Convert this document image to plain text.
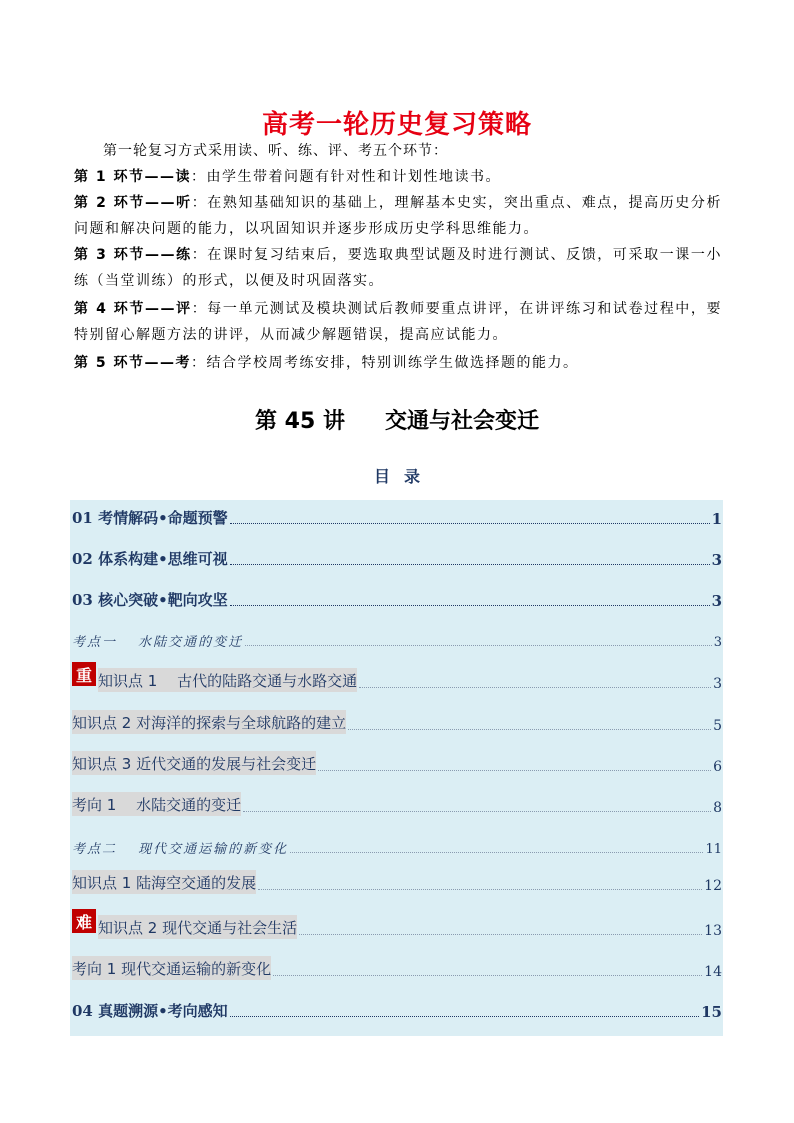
高考一轮历史复习策略
第一轮复习方式采用读、听、练、评、考五个环节：
第 1 环节——读：由学生带着问题有针对性和计划性地读书。
第 2 环节——听：在熟知基础知识的基础上，理解基本史实，突出重点、难点，提高历史分析问题和解决问题的能力，以巩固知识并逐步形成历史学科思维能力。
第 3 环节——练：在课时复习结束后，要选取典型试题及时进行测试、反馈，可采取一课一小练（当堂训练）的形式，以便及时巩固落实。
第 4 环节——评：每一单元测试及模块测试后教师要重点讲评，在讲评练习和试卷过程中，要特别留心解题方法的讲评，从而减少解题错误，提高应试能力。
第 5 环节——考：结合学校周考练安排，特别训练学生做选择题的能力。
第 45 讲 交通与社会变迁
目录
01 考情解码•命题预警	1
02 体系构建•思维可视	3
03 核心突破•靶向攻坚	3
考点一　 水陆交通的变迁	3
重 知识点 1　 古代的陆路交通与水路交通	3
知识点 2 对海洋的探索与全球航路的建立	5
知识点 3 近代交通的发展与社会变迁	6
考向 1　 水陆交通的变迁	8
考点二　 现代交通运输的新变化	11
知识点 1 陆海空交通的发展	12
难 知识点 2 现代交通与社会生活	13
考向 1 现代交通运输的新变化	14
04 真题溯源•考向感知	15
